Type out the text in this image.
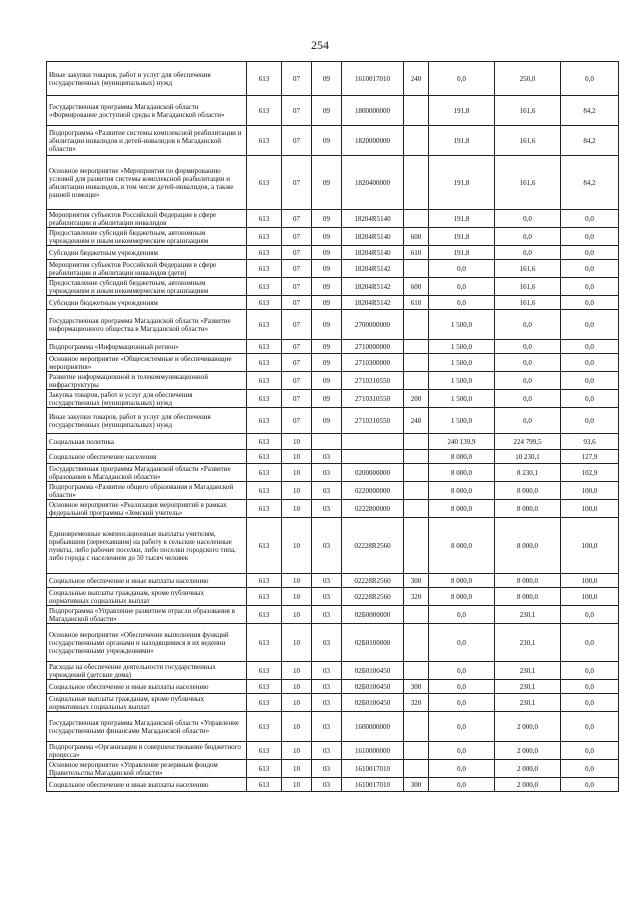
254
Иные закупки товаров, работ и услуг для обеспечения государственных (муниципальных) нужд	613	07	09	1610017010	240	0,0	250,0	0,0
Государственная программа Магаданской области «Формирование доступной среды в Магаданской области»	613	07	09	1800000000		191,8	161,6	84,2
Подпрограмма «Развитие системы комплексной реабилитации и абилитации инвалидов и детей-инвалидов в Магаданской области»	613	07	09	1820000000		191,8	161,6	84,2
Основное мероприятие «Мероприятия по формированию условий для развития системы комплексной реабилитации и абилитации инвалидов, в том числе детей-инвалидов, а также ранней помощи»	613	07	09	1820400000		191,8	161,6	84,2
Мероприятия субъектов Российской Федерации в сфере реабилитации и абилитации инвалидов	613	07	09	18204R5140		191,8	0,0	0,0
Предоставление субсидий бюджетным, автономным учреждениям и иным некоммерческим организациям	613	07	09	18204R5140	600	191,8	0,0	0,0
Субсидии бюджетным учреждениям	613	07	09	18204R5140	610	191,8	0,0	0,0
Мероприятия субъектов Российской Федерации в сфере реабилитации и абилитации инвалидов (дети)	613	07	09	18204R5142		0,0	161,6	0,0
Предоставление субсидий бюджетным, автономным учреждениям и иным некоммерческим организациям	613	07	09	18204R5142	600	0,0	161,6	0,0
Субсидии бюджетным учреждениям	613	07	09	18204R5142	610	0,0	161,6	0,0
Государственная программа Магаданской области «Развитие информационного общества в Магаданской области»	613	07	09	2700000000		1 500,0	0,0	0,0
Подпрограмма «Информационный регион»	613	07	09	2710000000		1 500,0	0,0	0,0
Основное мероприятие «Общесистемные и обеспечивающие мероприятия»	613	07	09	2710300000		1 500,0	0,0	0,0
Развитие информационной и телекоммуникационной инфраструктуры	613	07	09	2710310550		1 500,0	0,0	0,0
Закупка товаров, работ и услуг для обеспечения государственных (муниципальных) нужд	613	07	09	2710310550	200	1 500,0	0,0	0,0
Иные закупки товаров, работ и услуг для обеспечения государственных (муниципальных) нужд	613	07	09	2710310550	240	1 500,0	0,0	0,0
Социальная политика	613	10				240 139,9	224 799,5	93,6
Социальное обеспечение населения	613	10	03			8 000,0	10 230,1	127,9
Государственная программа Магаданской области «Развитие образования в Магаданской области»	613	10	03	0200000000		8 000,0	8 230,1	102,9
Подпрограмма «Развитие общего образования в Магаданской области»	613	10	03	0220000000		8 000,0	8 000,0	100,0
Основное мероприятие «Реализация мероприятий в рамках федеральной программы «Земский учитель»	613	10	03	0222800000		8 000,0	8 000,0	100,0
Единовременные компенсационные выплаты учителям, прибывшим (переехавшим) на работу в сельские населенные пункты, либо рабочие поселки, либо поселки городского типа, либо города с населением до 50 тысяч человек	613	10	03	02228R2560		8 000,0	8 000,0	100,0
Социальное обеспечение и иные выплаты населению	613	10	03	02228R2560	300	8 000,0	8 000,0	100,0
Социальные выплаты гражданам, кроме публичных нормативных социальных выплат	613	10	03	02228R2560	320	8 000,0	8 000,0	100,0
Подпрограмма «Управление развитием отрасли образования в Магаданской области»	613	10	03	02Б0000000		0,0	230,1	0,0
Основное мероприятие «Обеспечение выполнения функций государственными органами и находящимися в их ведении государственными учреждениями»	613	10	03	02Б0100000		0,0	230,1	0,0
Расходы на обеспечение деятельности государственных учреждений (детские дома)	613	10	03	02Б0100450		0,0	230,1	0,0
Социальное обеспечение и иные выплаты населению	613	10	03	02Б0100450	300	0,0	230,1	0,0
Социальные выплаты гражданам, кроме публичных нормативных социальных выплат	613	10	03	02Б0100450	320	0,0	230,1	0,0
Государственная программа Магаданской области «Управление государственными финансами Магаданской области»	613	10	03	1600000000		0,0	2 000,0	0,0
Подпрограмма «Организация и совершенствование бюджетного процесса»	613	10	03	1610000000		0,0	2 000,0	0,0
Основное мероприятие «Управление резервным фондом Правительства Магаданской области»	613	10	03	1610017010		0,0	2 000,0	0,0
Социальное обеспечение и иные выплаты населению	613	10	03	1610017010	300	0,0	2 000,0	0,0
